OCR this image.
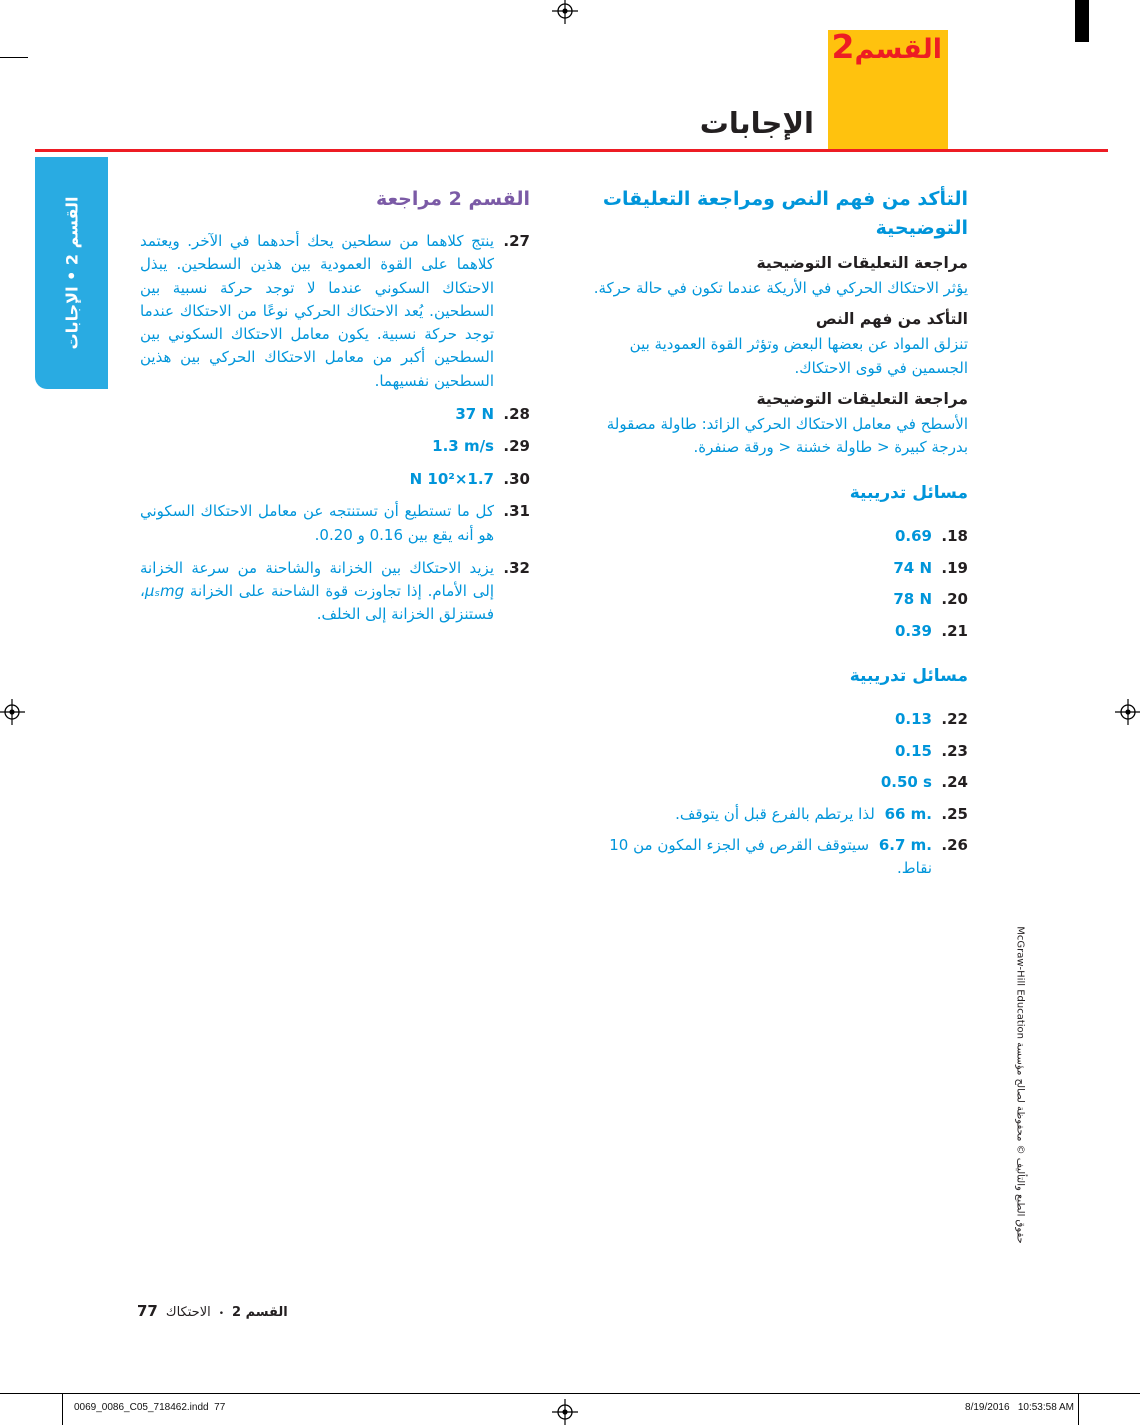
القسم
2
الإجابات
القسم 2 • الإجابات	التأكد من فهم النص ومراجعة التعليقات التوضيحية
مراجعة التعليقات التوضيحية

يؤثر الاحتكاك الحركي في الأريكة عندما تكون في حالة حركة.

التأكد من فهم النص

تنزلق المواد عن بعضها البعض وتؤثر القوة العمودية بين الجسمين في قوى الاحتكاك.

مراجعة التعليقات التوضيحية

الأسطح في معامل الاحتكاك الحركي الزائد: طاولة مصقولة بدرجة كبيرة < طاولة خشنة < ورقة صنفرة.

مسائل تدريبية
18.
0.69
19.
74 N
20.
78 N
21.
0.39
مسائل تدريبية
22.
0.13
23.
0.15
24.
0.50 s
25.
66 m. لذا يرتطم بالفرع قبل أن يتوقف.
26.
6.7 m. سيتوقف القرص في الجزء المكون من 10 نقاط.
القسم 2 مراجعة
27.

ينتج كلاهما من سطحين يحك أحدهما في الآخر. ويعتمد كلاهما على القوة العمودية بين هذين السطحين. يبذل الاحتكاك السكوني عندما لا توجد حركة نسبية بين السطحين. يُعد الاحتكاك الحركي نوعًا من الاحتكاك عندما توجد حركة نسبية. يكون معامل الاحتكاك السكوني بين السطحين أكبر من معامل الاحتكاك الحركي بين هذين السطحين نفسيهما.

28.
37 N
29.
1.3 m/s
30.
1.7×10² N
31.

كل ما تستطيع أن تستنتجه عن معامل الاحتكاك السكوني هو أنه يقع بين 0.16 و 0.20.

32.

يزيد الاحتكاك بين الخزانة والشاحنة من سرعة الخزانة إلى الأمام. إذا تجاوزت قوة الشاحنة على الخزانة μₛmg، فستنزلق الخزانة إلى الخلف.

حقوق الطبع والتأليف © محفوظة لصالح مؤسسة McGraw-Hill Education
القسم 2
•
الاحتكاك
77
0069_0086_C05_718462.indd  77	8/19/2016   10:53:58 AM
